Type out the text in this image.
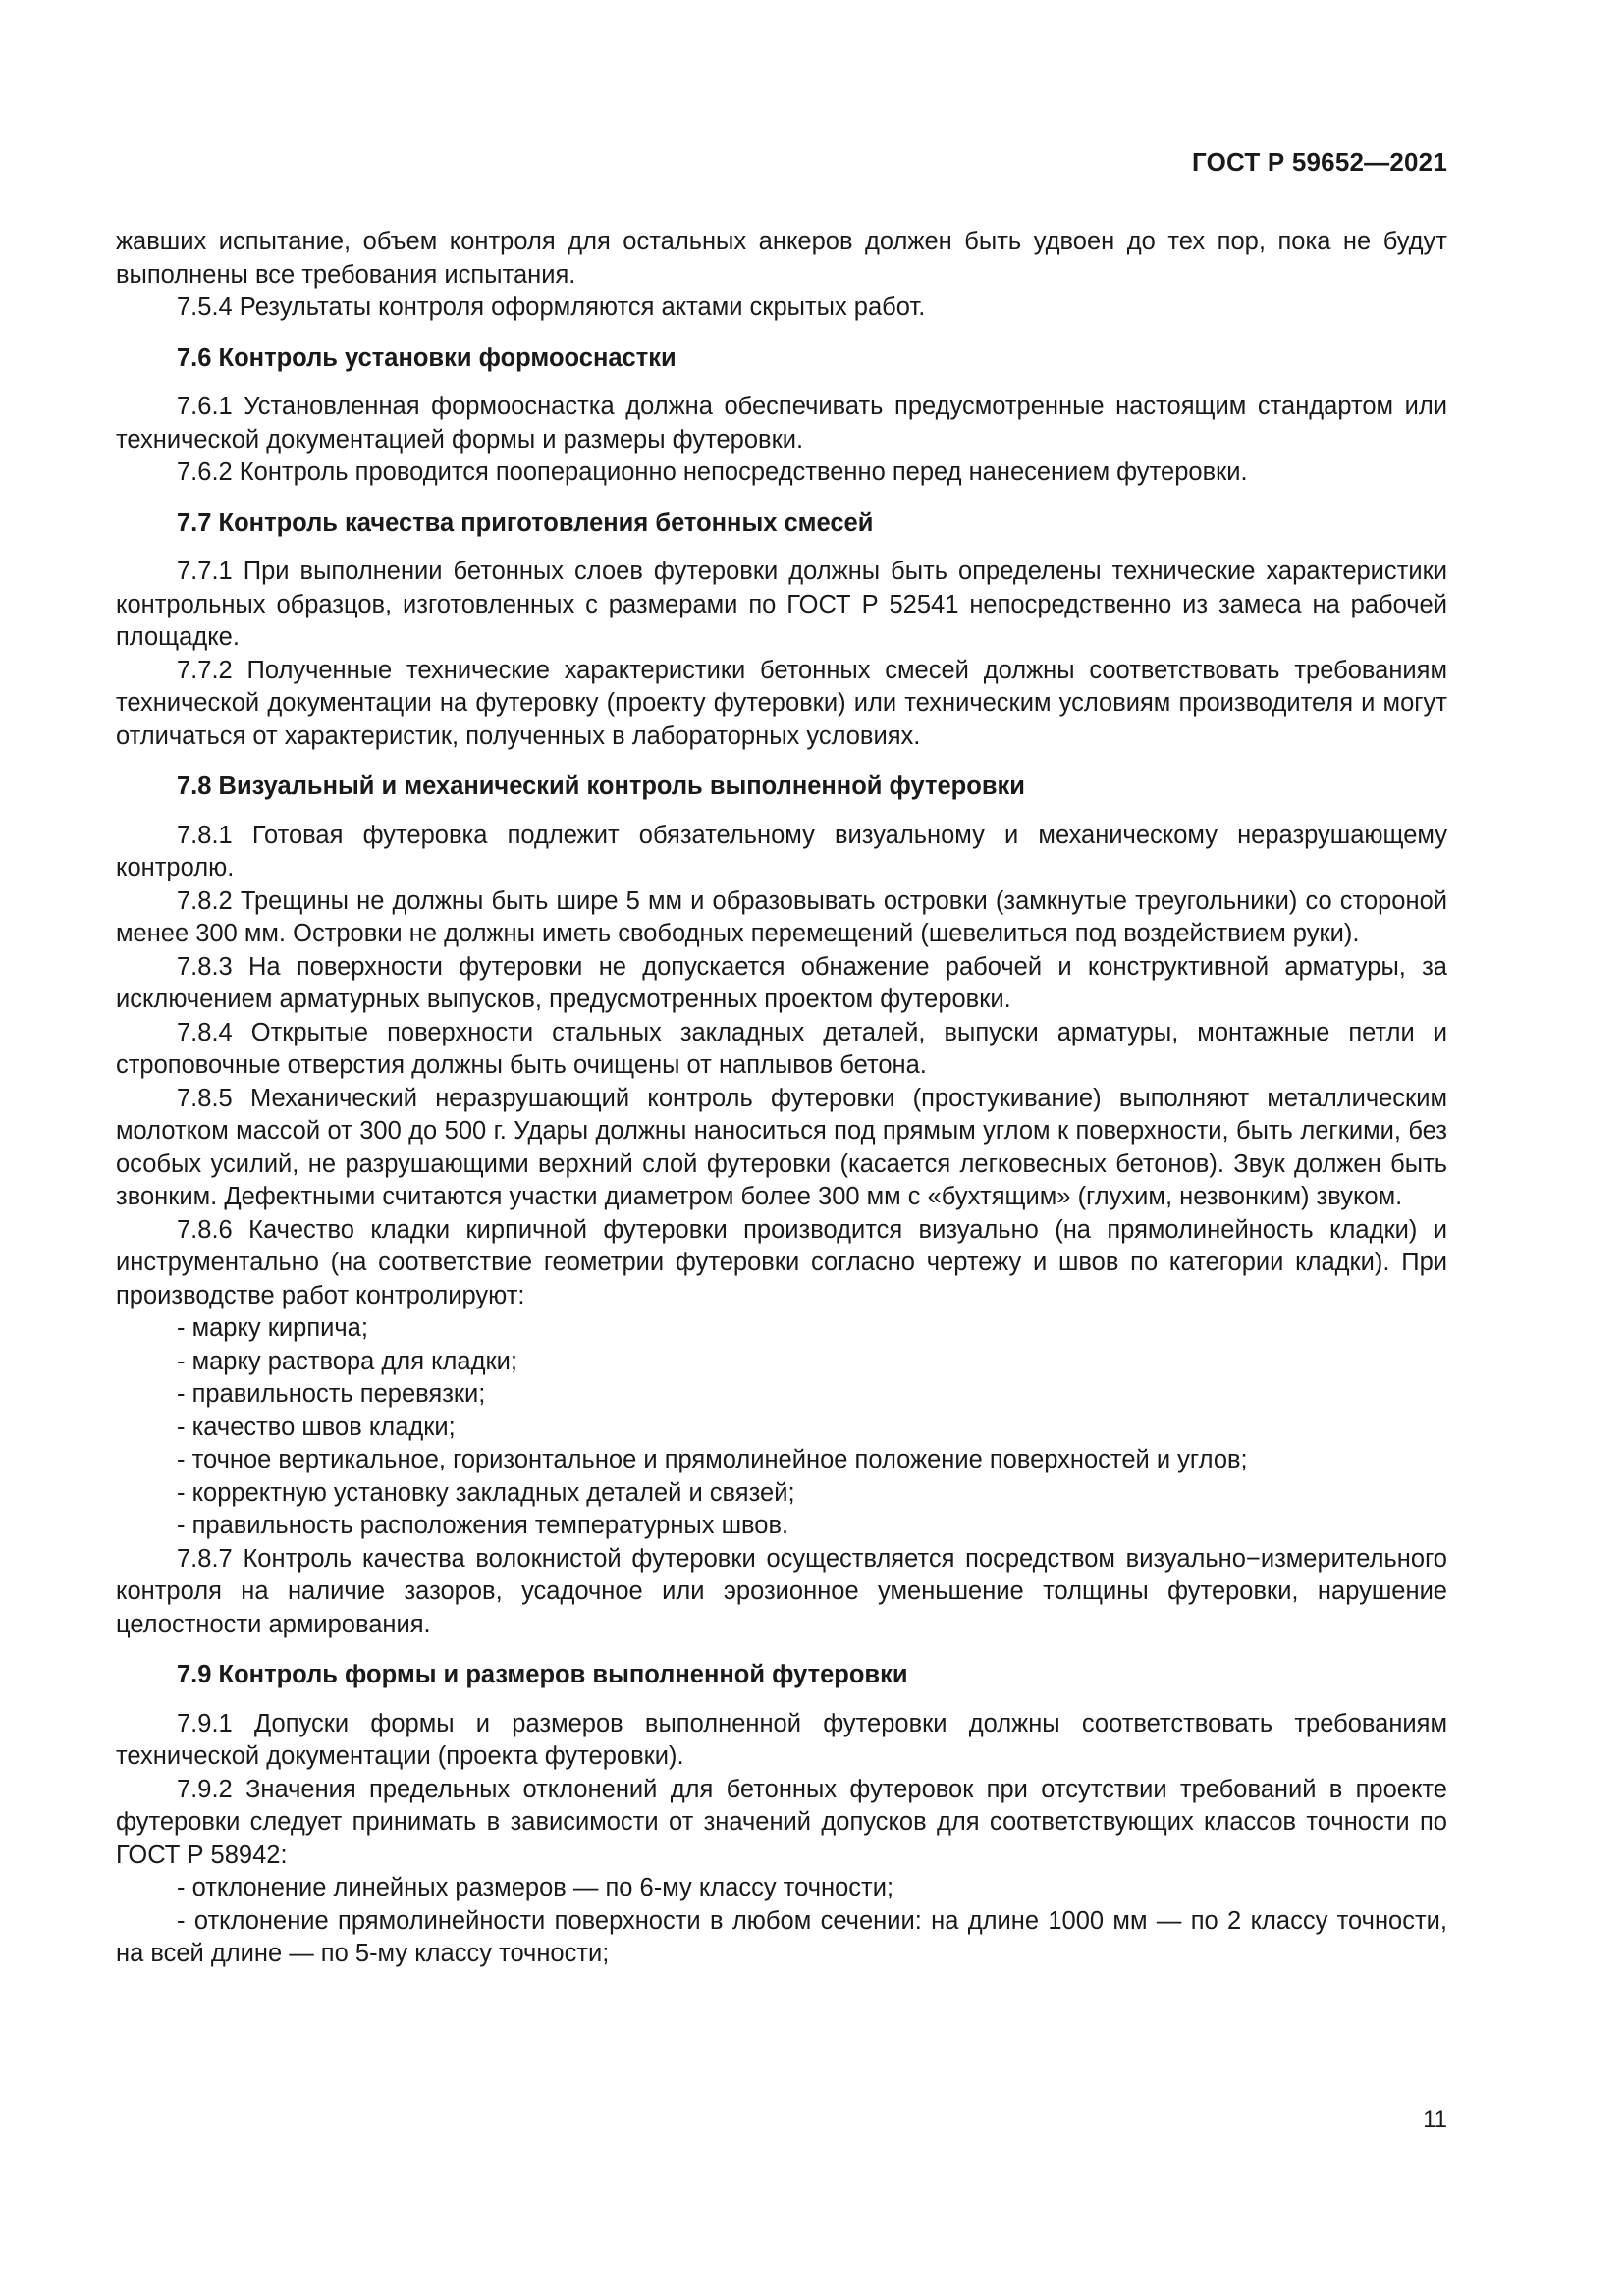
ГОСТ Р 59652—2021

жавших испытание, объем контроля для остальных анкеров должен быть удвоен до тех пор, пока не будут выполнены все требования испытания.

7.5.4 Результаты контроля оформляются актами скрытых работ.

7.6 Контроль установки формооснастки

7.6.1 Установленная формооснастка должна обеспечивать предусмотренные настоящим стандартом или технической документацией формы и размеры футеровки.

7.6.2 Контроль проводится пооперационно непосредственно перед нанесением футеровки.

7.7 Контроль качества приготовления бетонных смесей

7.7.1 При выполнении бетонных слоев футеровки должны быть определены технические характеристики контрольных образцов, изготовленных с размерами по ГОСТ Р 52541 непосредственно из замеса на рабочей площадке.

7.7.2 Полученные технические характеристики бетонных смесей должны соответствовать требованиям технической документации на футеровку (проекту футеровки) или техническим условиям производителя и могут отличаться от характеристик, полученных в лабораторных условиях.

7.8 Визуальный и механический контроль выполненной футеровки

7.8.1 Готовая футеровка подлежит обязательному визуальному и механическому неразрушающему контролю.

7.8.2 Трещины не должны быть шире 5 мм и образовывать островки (замкнутые треугольники) со стороной менее 300 мм. Островки не должны иметь свободных перемещений (шевелиться под воздействием руки).

7.8.3 На поверхности футеровки не допускается обнажение рабочей и конструктивной арматуры, за исключением арматурных выпусков, предусмотренных проектом футеровки.

7.8.4 Открытые поверхности стальных закладных деталей, выпуски арматуры, монтажные петли и строповочные отверстия должны быть очищены от наплывов бетона.

7.8.5 Механический неразрушающий контроль футеровки (простукивание) выполняют металлическим молотком массой от 300 до 500 г. Удары должны наноситься под прямым углом к поверхности, быть легкими, без особых усилий, не разрушающими верхний слой футеровки (касается легковесных бетонов). Звук должен быть звонким. Дефектными считаются участки диаметром более 300 мм с «бухтящим» (глухим, незвонким) звуком.

7.8.6 Качество кладки кирпичной футеровки производится визуально (на прямолинейность кладки) и инструментально (на соответствие геометрии футеровки согласно чертежу и швов по категории кладки). При производстве работ контролируют:

- марку кирпича;

- марку раствора для кладки;

- правильность перевязки;

- качество швов кладки;

- точное вертикальное, горизонтальное и прямолинейное положение поверхностей и углов;

- корректную установку закладных деталей и связей;

- правильность расположения температурных швов.

7.8.7 Контроль качества волокнистой футеровки осуществляется посредством визуально−измерительного контроля на наличие зазоров, усадочное или эрозионное уменьшение толщины футеровки, нарушение целостности армирования.

7.9 Контроль формы и размеров выполненной футеровки

7.9.1 Допуски формы и размеров выполненной футеровки должны соответствовать требованиям технической документации (проекта футеровки).

7.9.2 Значения предельных отклонений для бетонных футеровок при отсутствии требований в проекте футеровки следует принимать в зависимости от значений допусков для соответствующих классов точности по ГОСТ Р 58942:

- отклонение линейных размеров — по 6-му классу точности;

- отклонение прямолинейности поверхности в любом сечении: на длине 1000 мм — по 2 классу точности, на всей длине — по 5-му классу точности;

11
